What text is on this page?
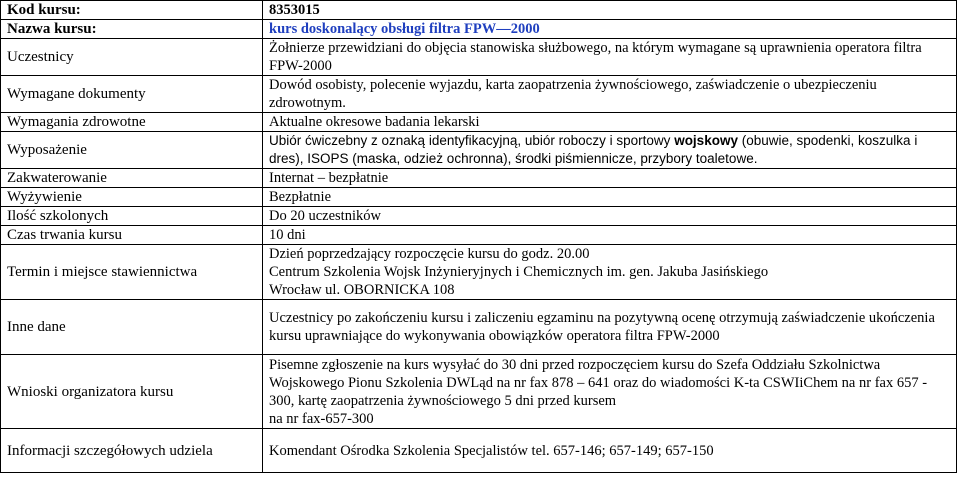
Kod kursu:	8353015
Nazwa kursu:	kurs doskonalący obsługi filtra FPW—2000
Uczestnicy	Żołnierze przewidziani do objęcia stanowiska służbowego, na którym wymagane są uprawnienia operatora filtra FPW-2000
Wymagane dokumenty	Dowód osobisty, polecenie wyjazdu, karta zaopatrzenia żywnościowego, zaświadczenie o ubezpieczeniu zdrowotnym.
Wymagania zdrowotne	Aktualne okresowe badania lekarski
Wyposażenie	Ubiór ćwiczebny z oznaką identyfikacyjną, ubiór roboczy i sportowy wojskowy (obuwie, spodenki, koszulka i dres), ISOPS (maska, odzież ochronna), środki piśmiennicze, przybory toaletowe.
Zakwaterowanie	Internat – bezpłatnie
Wyżywienie	Bezpłatnie
Ilość szkolonych	Do 20 uczestników
Czas trwania kursu	10 dni
Termin i miejsce stawiennictwa	Dzień poprzedzający rozpoczęcie kursu do godz. 20.00
Centrum Szkolenia Wojsk Inżynieryjnych i Chemicznych im. gen. Jakuba Jasińskiego
Wrocław ul. OBORNICKA 108

Inne dane	Uczestnicy po zakończeniu kursu i zaliczeniu egzaminu na pozytywną ocenę otrzymują zaświadczenie ukończenia kursu uprawniające do wykonywania obowiązków operatora filtra FPW-2000
Wnioski organizatora kursu	Pisemne zgłoszenie na kurs wysyłać do 30 dni przed rozpoczęciem kursu do Szefa Oddziału Szkolnictwa Wojskowego Pionu Szkolenia DWLąd na nr fax 878 – 641 oraz do wiadomości K-ta CSWIiChem na nr fax 657 - 300, kartę zaopatrzenia żywnościowego 5 dni przed kursem
na nr fax-657-300

Informacji szczegółowych udziela	Komendant Ośrodka Szkolenia Specjalistów tel. 657-146; 657-149; 657-150
